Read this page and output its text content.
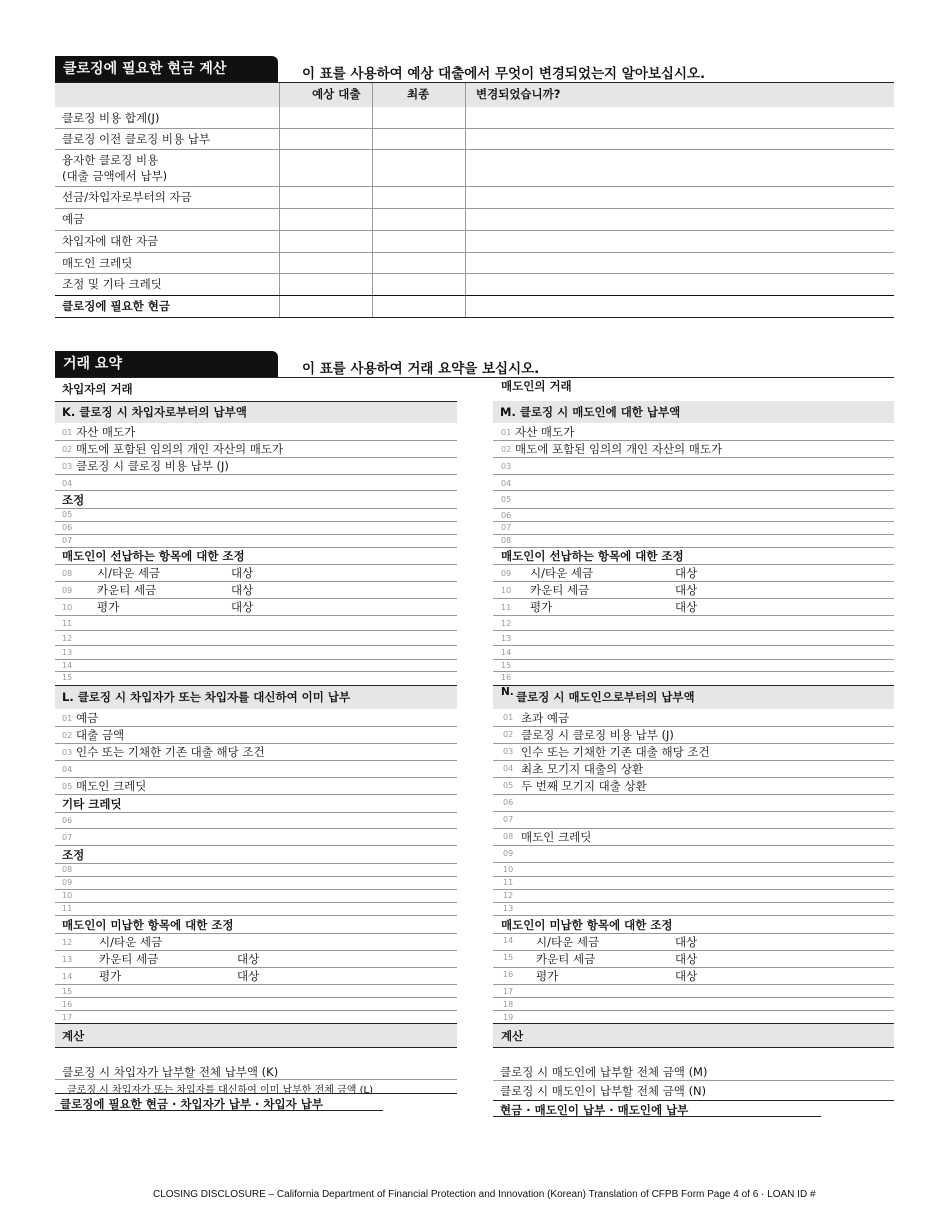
클로징에 필요한 현금 계산	이 표를 사용하여 예상 대출에서 무엇이 변경되었는지 알아보십시오.
예상 대출	최종	변경되었습니까?
클로징 비용 합계(J)
클로징 이전 클로징 비용 납부
융자한 클로징 비용
(대출 금액에서 납부)
선금/차입자로부터의 자금
예금
차입자에 대한 자금
매도인 크레딧
조정 및 기타 크레딧
클로징에 필요한 현금
거래 요약	이 표를 사용하여 거래 요약을 보십시오.
차입자의 거래	매도인의 거래
K. 클로징 시 차입자로부터의 납부액
01 자산 매도가
02 매도에 포함된 임의의 개인 자산의 매도가
03 클로징 시 클로징 비용 납부 (J)
04
조정
05
06
07
매도인이 선납하는 항목에 대한 조정
08 시/타운 세금	대상
09 카운티 세금	대상
10 평가	대상
11
12
13
14
15
L. 클로징 시 차입자가 또는 차입자를 대신하여 이미 납부
01 예금
02 대출 금액
03 인수 또는 기채한 기존 대출 해당 조건
04
05 매도인 크레딧
기타 크레딧
06
07
조정
08
09
10
11
매도인이 미납한 항목에 대한 조정
12 시/타운 세금
13 카운티 세금	대상
14 평가	대상
15
16
17
계산
클로징 시 차입자가 납부할 전체 납부액 (K)
클로징 시 차입자가 또는 차입자를 대신하여 이미 납부한 전체 금액 (L)
클로징에 필요한 현금 · 차입자가 납부 · 차입자 납부
M. 클로징 시 매도인에 대한 납부액
01 자산 매도가
02 매도에 포함된 임의의 개인 자산의 매도가
03
04
05
06
07
08
매도인이 선납하는 항목에 대한 조정
09 시/타운 세금	대상
10 카운티 세금	대상
11 평가	대상
12
13
14
15
16
N. 클로징 시 매도인으로부터의 납부액
01 초과 예금
02 클로징 시 클로징 비용 납부 (J)
03 인수 또는 기채한 기존 대출 해당 조건
04 최초 모기지 대출의 상환
05 두 번째 모기지 대출 상환
06
07
08 매도인 크레딧
09
10
11
12
13
매도인이 미납한 항목에 대한 조정
14 시/타운 세금	대상
15 카운티 세금	대상
16 평가	대상
17
18
19
계산
클로징 시 매도인에 납부할 전체 금액 (M)
클로징 시 매도인이 납부할 전체 금액 (N)
현금 · 매도인이 납부 · 매도인에 납부
CLOSING DISCLOSURE – California Department of Financial Protection and Innovation (Korean) Translation of CFPB Form Page 4 of 6 · LOAN ID #
